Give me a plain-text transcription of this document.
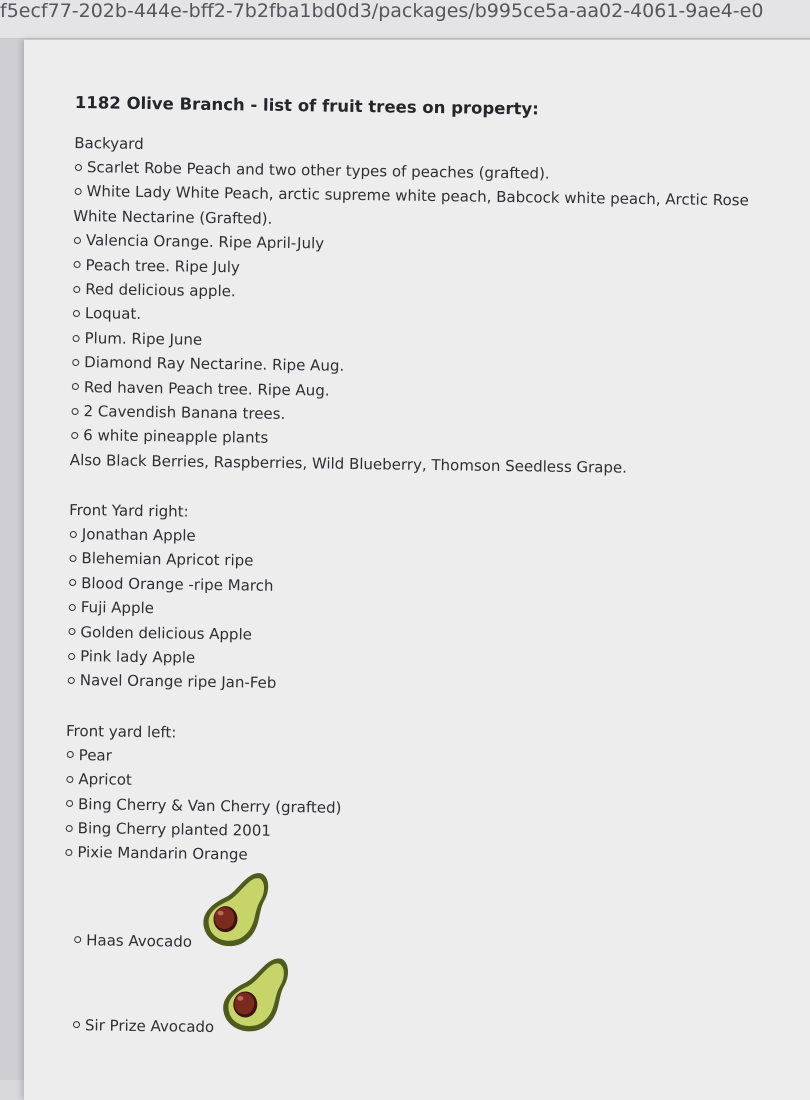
f5ecf77-202b-444e-bff2-7b2fba1bd0d3/packages/b995ce5a-aa02-4061-9ae4-e0
1182 Olive Branch - list of fruit trees on property:
Backyard
Scarlet Robe Peach and two other types of peaches (grafted).
White Lady White Peach, arctic supreme white peach, Babcock white peach, Arctic Rose White Nectarine (Grafted).
Valencia Orange. Ripe April-July
Peach tree. Ripe July
Red delicious apple.
Loquat.
Plum. Ripe June
Diamond Ray Nectarine. Ripe Aug.
Red haven Peach tree. Ripe Aug.
2 Cavendish Banana trees.
6 white pineapple plants

Also Black Berries, Raspberries, Wild Blueberry, Thomson Seedless Grape.

Front Yard right:
Jonathan Apple
Blehemian Apricot ripe
Blood Orange -ripe March
Fuji Apple
Golden delicious Apple
Pink lady Apple
Navel Orange ripe Jan-Feb
Front yard left:
Pear
Apricot
Bing Cherry & Van Cherry (grafted)
Bing Cherry planted 2001
Pixie Mandarin Orange
Haas Avocado
Sir Prize Avocado
